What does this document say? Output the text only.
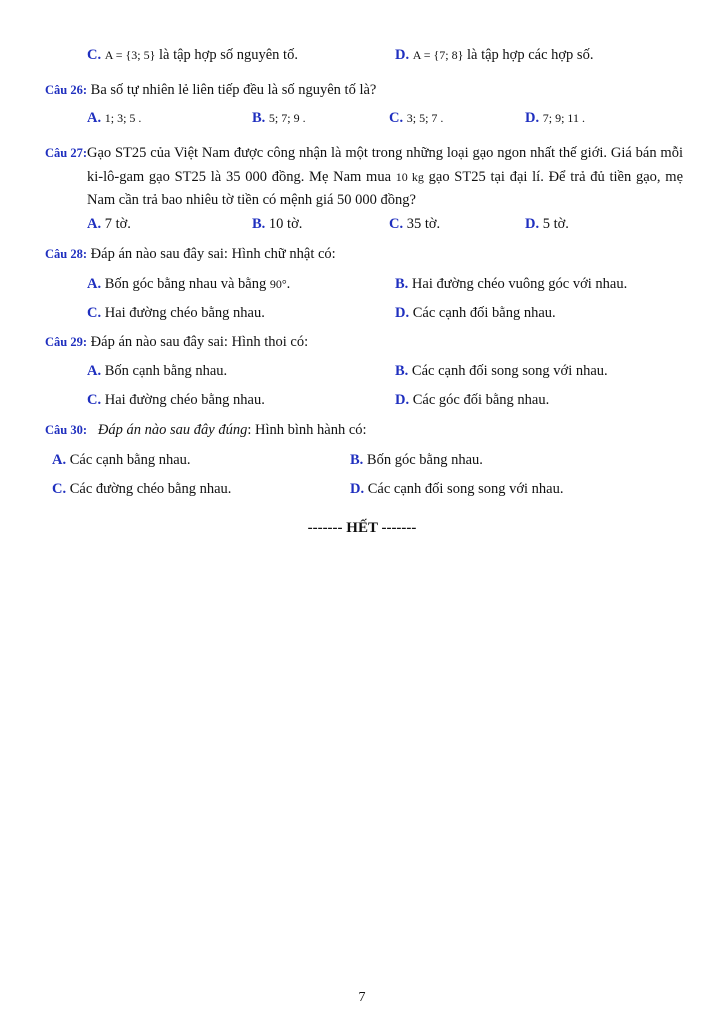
C. A = {3; 5} là tập hợp số nguyên tố.	D. A = {7; 8} là tập hợp các hợp số.
Câu 26: Ba số tự nhiên lẻ liên tiếp đều là số nguyên tố là?
A. 1; 3; 5 .	B. 5; 7; 9 .	C. 3; 5; 7 .	D. 7; 9; 11 .
Câu 27: Gạo ST25 của Việt Nam được công nhận là một trong những loại gạo ngon nhất thế giới. Giá bán mỗi ki-lô-gam gạo ST25 là 35 000 đồng. Mẹ Nam mua 10 kg gạo ST25 tại đại lí. Để trả đủ tiền gạo, mẹ Nam cần trả bao nhiêu tờ tiền có mệnh giá 50 000 đồng?
A. 7 tờ.	B. 10 tờ.	C. 35 tờ.	D. 5 tờ.
Câu 28: Đáp án nào sau đây sai: Hình chữ nhật có:
A. Bốn góc bằng nhau và bằng 90°.	B. Hai đường chéo vuông góc với nhau.
C. Hai đường chéo bằng nhau.	D. Các cạnh đối bằng nhau.
Câu 29: Đáp án nào sau đây sai: Hình thoi có:
A. Bốn cạnh bằng nhau.	B. Các cạnh đối song song với nhau.
C. Hai đường chéo bằng nhau.	D. Các góc đối bằng nhau.
Câu 30: Đáp án nào sau đây đúng: Hình bình hành có:
A. Các cạnh bằng nhau.	B. Bốn góc bằng nhau.
C. Các đường chéo bằng nhau.	D. Các cạnh đối song song với nhau.
------- HẾT -------
7
